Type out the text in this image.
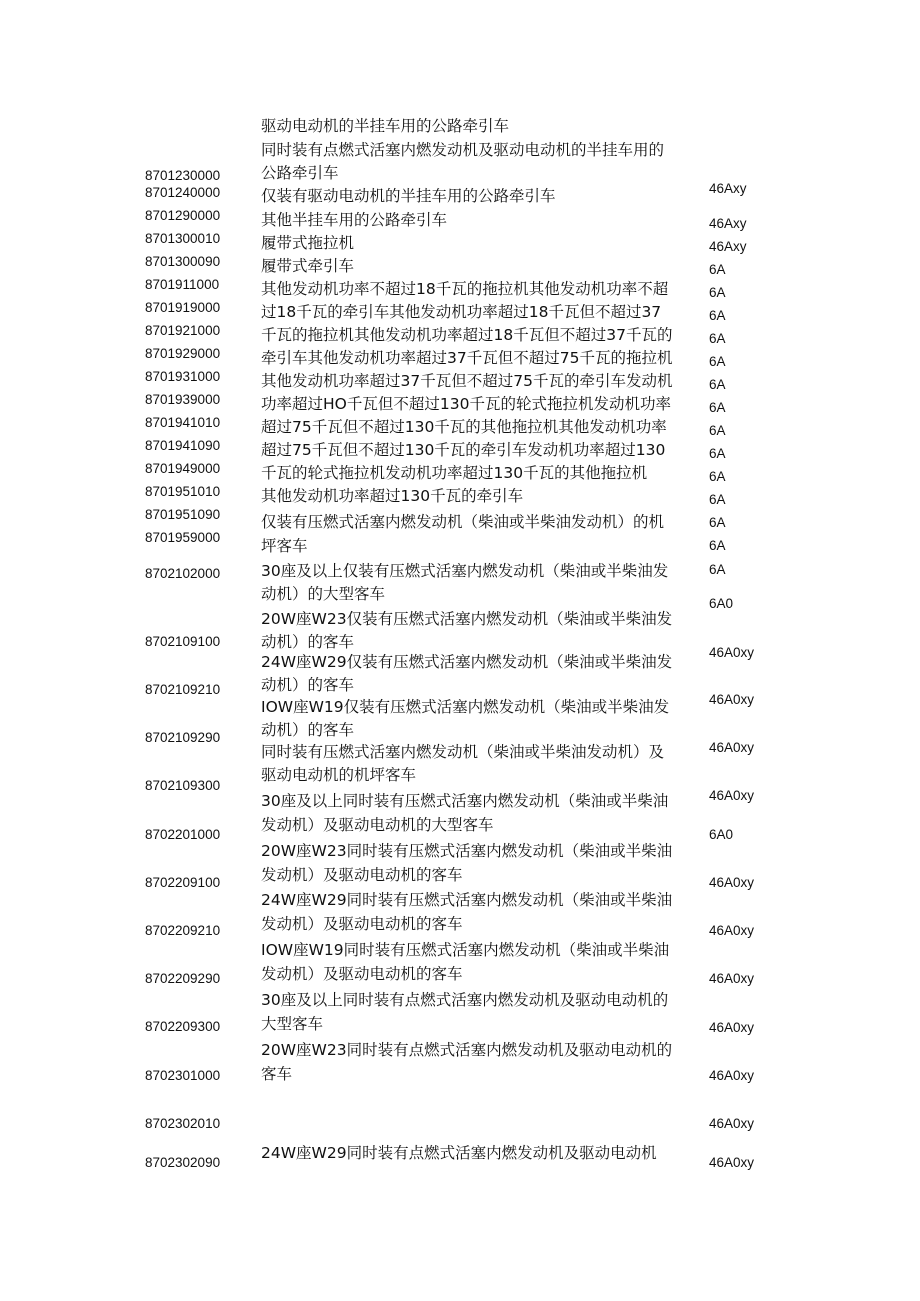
8701230000
8701240000
8701290000
8701300010
8701300090
8701911000
8701919000
8701921000
8701929000
8701931000
8701939000
8701941010
8701941090
8701949000
8701951010
8701951090
8701959000
8702102000
8702109100
8702109210
8702109290
8702109300
8702201000
8702209100
8702209210
8702209290
8702209300
8702301000
8702302010
8702302090
驱动电动机的半挂车用的公路牵引车
同时装有点燃式活塞内燃发动机及驱动电动机的半挂车用的
公路牵引车
仅装有驱动电动机的半挂车用的公路牵引车
其他半挂车用的公路牵引车
履带式拖拉机
履带式牵引车
其他发动机功率不超过18千瓦的拖拉机其他发动机功率不超
过18千瓦的牵引车其他发动机功率超过18千瓦但不超过37
千瓦的拖拉机其他发动机功率超过18千瓦但不超过37千瓦的
牵引车其他发动机功率超过37千瓦但不超过75千瓦的拖拉机
其他发动机功率超过37千瓦但不超过75千瓦的牵引车发动机
功率超过HO千瓦但不超过130千瓦的轮式拖拉机发动机功率
超过75千瓦但不超过130千瓦的其他拖拉机其他发动机功率
超过75千瓦但不超过130千瓦的牵引车发动机功率超过130
千瓦的轮式拖拉机发动机功率超过130千瓦的其他拖拉机
其他发动机功率超过130千瓦的牵引车
仅装有压燃式活塞内燃发动机（柴油或半柴油发动机）的机
坪客车
30座及以上仅装有压燃式活塞内燃发动机（柴油或半柴油发
动机）的大型客车
20W座W23仅装有压燃式活塞内燃发动机（柴油或半柴油发
动机）的客车
24W座W29仅装有压燃式活塞内燃发动机（柴油或半柴油发
动机）的客车
IOW座W19仅装有压燃式活塞内燃发动机（柴油或半柴油发
动机）的客车
同时装有压燃式活塞内燃发动机（柴油或半柴油发动机）及
驱动电动机的机坪客车
30座及以上同时装有压燃式活塞内燃发动机（柴油或半柴油
发动机）及驱动电动机的大型客车
20W座W23同时装有压燃式活塞内燃发动机（柴油或半柴油
发动机）及驱动电动机的客车
24W座W29同时装有压燃式活塞内燃发动机（柴油或半柴油
发动机）及驱动电动机的客车
IOW座W19同时装有压燃式活塞内燃发动机（柴油或半柴油
发动机）及驱动电动机的客车
30座及以上同时装有点燃式活塞内燃发动机及驱动电动机的
大型客车
20W座W23同时装有点燃式活塞内燃发动机及驱动电动机的
客车
24W座W29同时装有点燃式活塞内燃发动机及驱动电动机
46Axy
46Axy
46Axy
6A
6A
6A
6A
6A
6A
6A
6A
6A
6A
6A
6A
6A
6A
6A0
46A0xy
46A0xy
46A0xy
46A0xy
6A0
46A0xy
46A0xy
46A0xy
46A0xy
46A0xy
46A0xy
46A0xy
